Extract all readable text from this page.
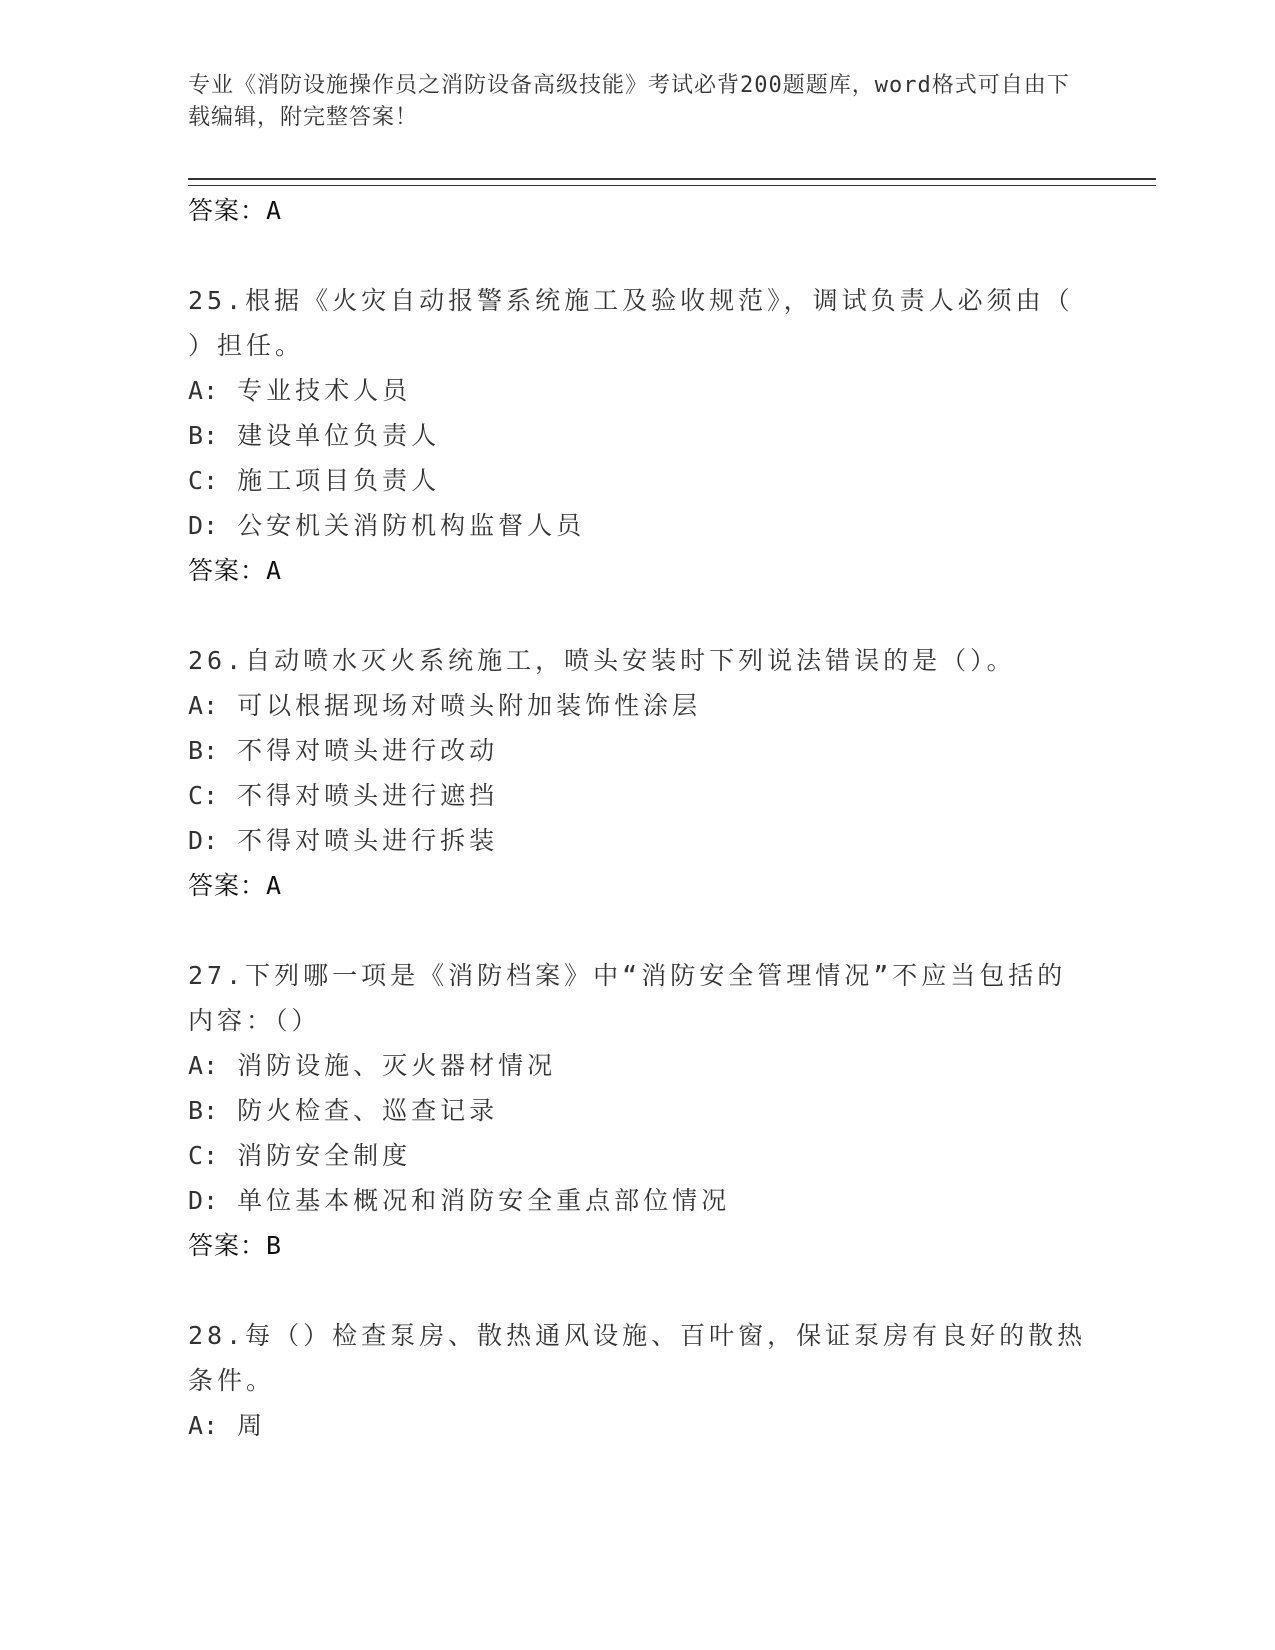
专业《消防设施操作员之消防设备高级技能》考试必背200题题库，word格式可自由下载编辑，附完整答案！
答案：A
25.根据《火灾自动报警系统施工及验收规范》，调试负责人必须由（ ）担任。
A: 专业技术人员
B: 建设单位负责人
C: 施工项目负责人
D: 公安机关消防机构监督人员
答案：A
26.自动喷水灭火系统施工，喷头安装时下列说法错误的是（）。
A: 可以根据现场对喷头附加装饰性涂层
B: 不得对喷头进行改动
C: 不得对喷头进行遮挡
D: 不得对喷头进行拆装
答案：A
27.下列哪一项是《消防档案》中“消防安全管理情况”不应当包括的内容：（）
A: 消防设施、灭火器材情况
B: 防火检查、巡查记录
C: 消防安全制度
D: 单位基本概况和消防安全重点部位情况
答案：B
28.每（）检查泵房、散热通风设施、百叶窗，保证泵房有良好的散热条件。
A: 周
